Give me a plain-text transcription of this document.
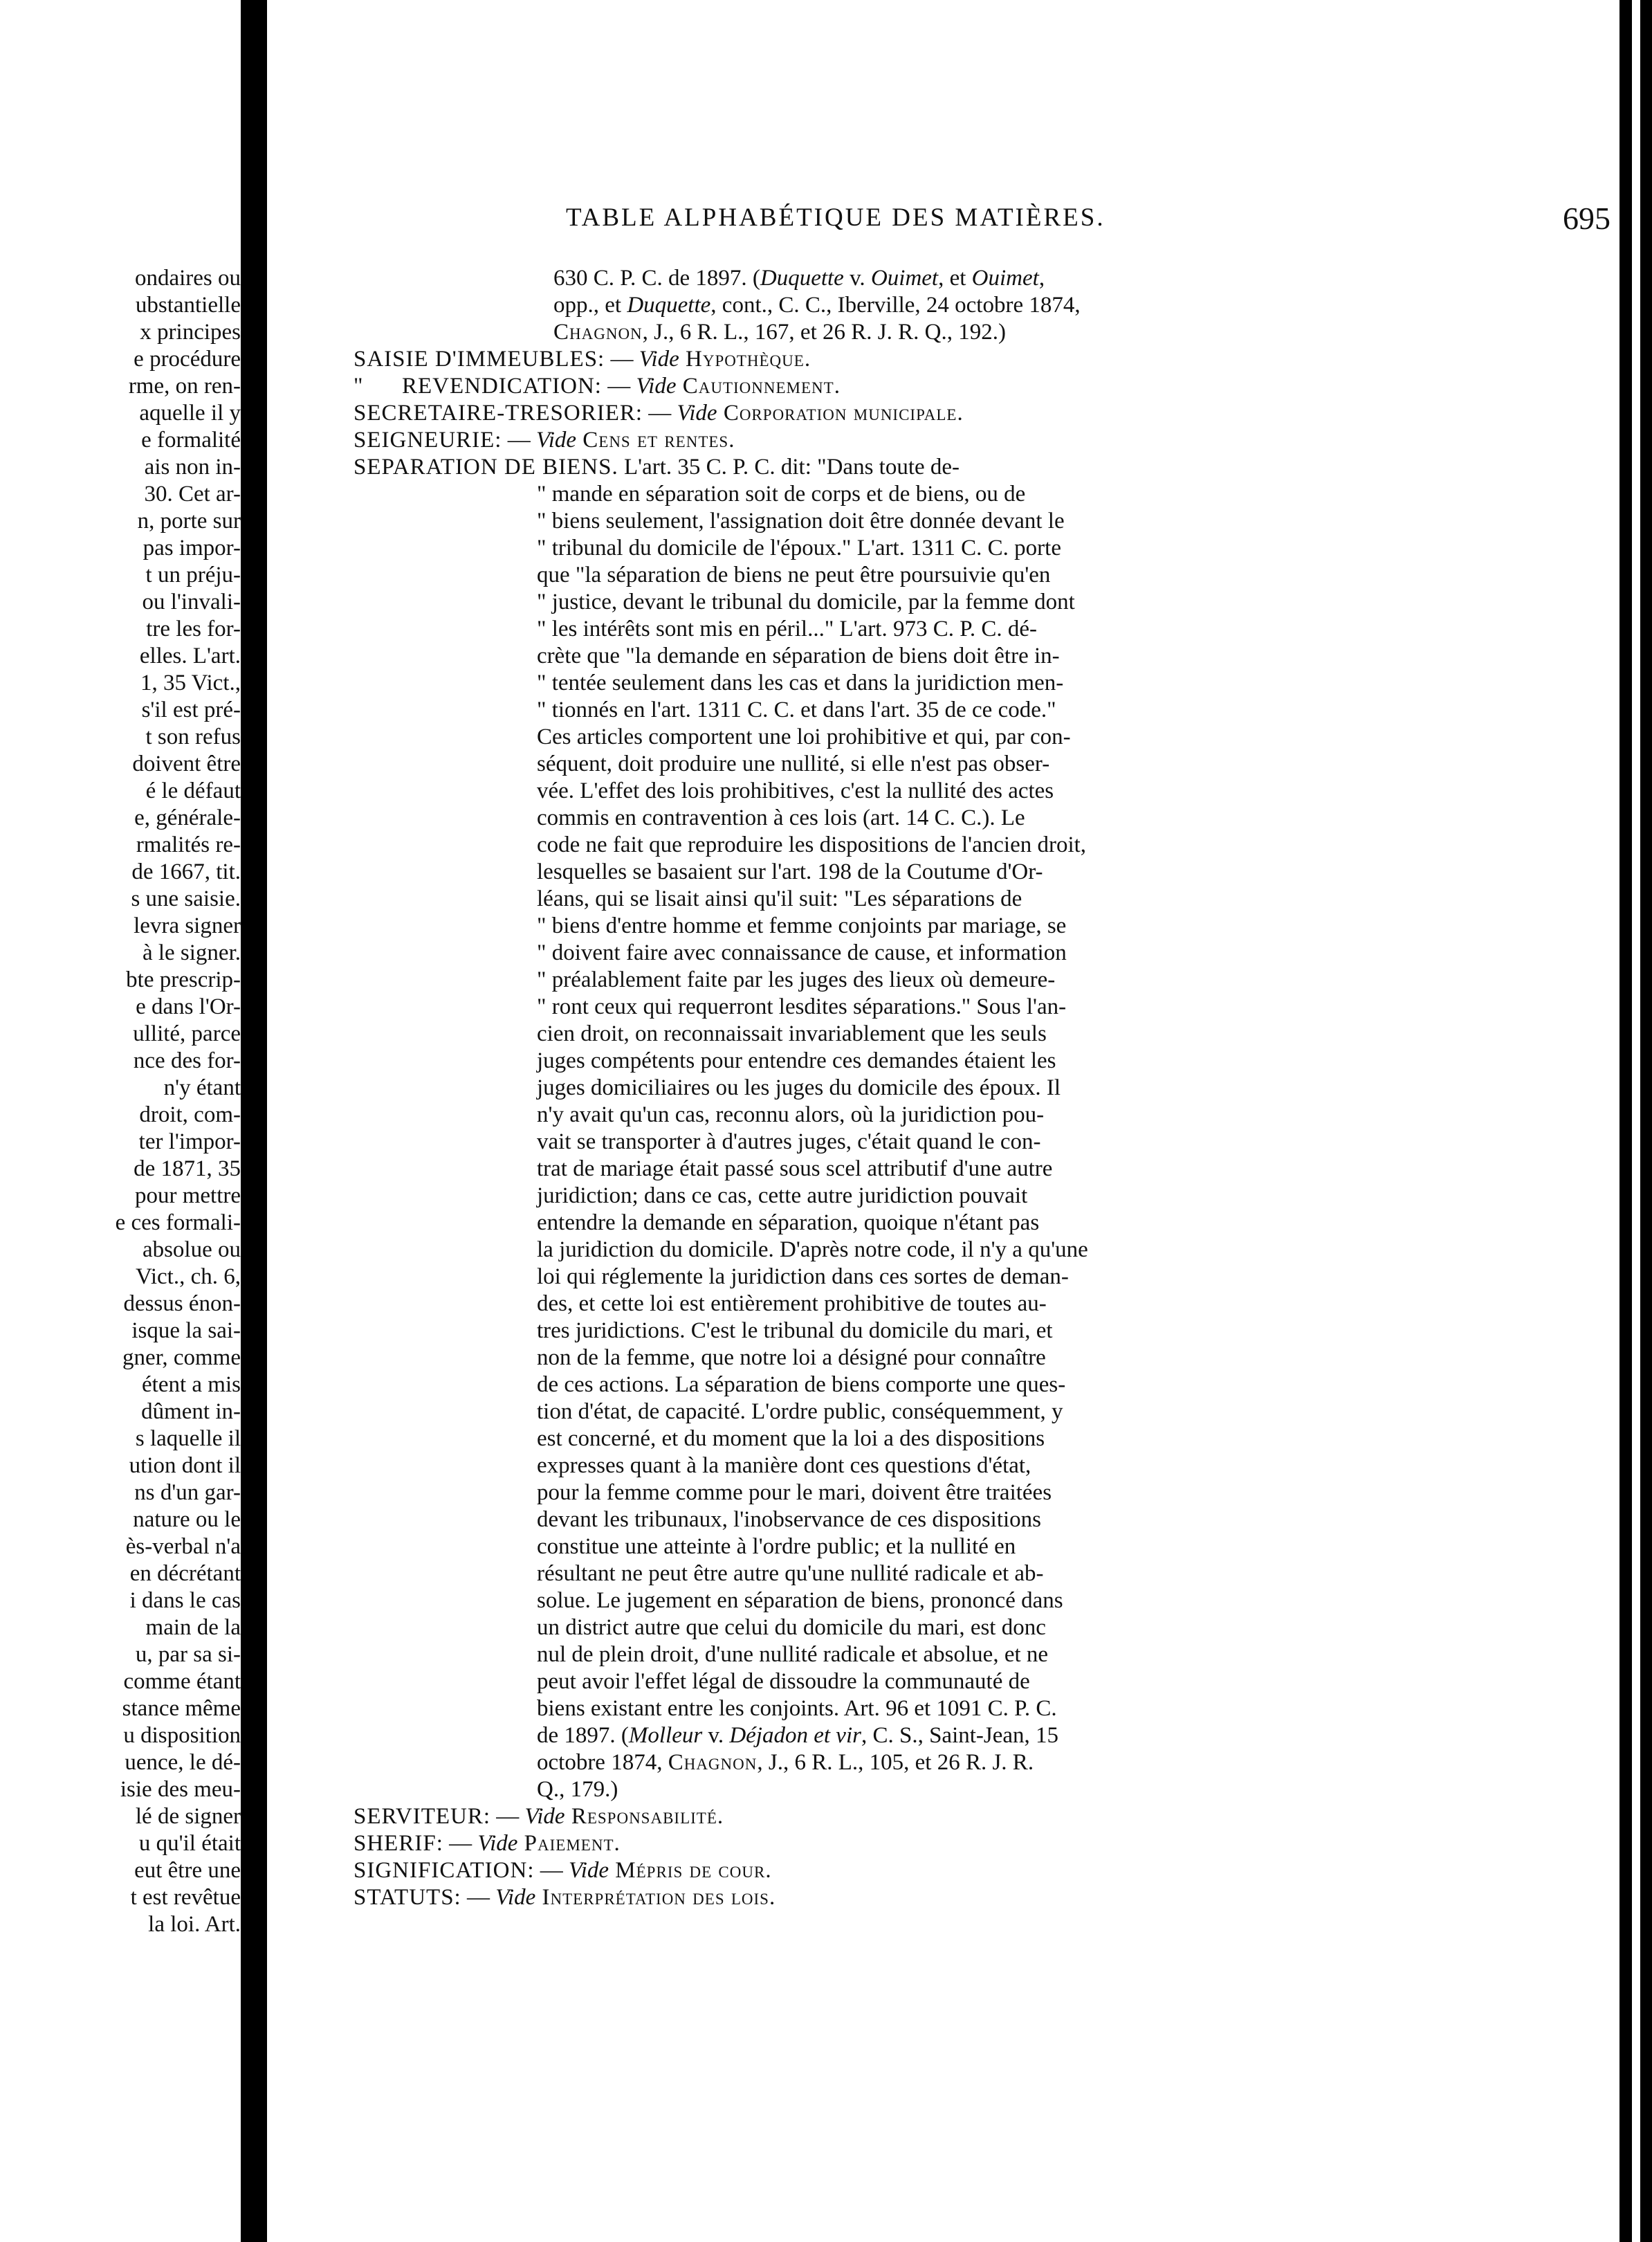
ondaires ou
ubstantielle
x principes
e procédure
rme, on ren-
aquelle il y
e formalité
ais non in-
30. Cet ar-
n, porte sur
pas impor-
t un préju-
ou l'invali-
tre les for-
elles. L'art.
1, 35 Vict.,
s'il est pré-
t son refus
doivent être
é le défaut
e, générale-
rmalités re-
de 1667, tit.
s une saisie.
levra signer
à le signer.
bte prescrip-
e dans l'Or-
ullité, parce
nce des for-
n'y étant
droit, com-
ter l'impor-
de 1871, 35
pour mettre
e ces formali-
absolue ou
Vict., ch. 6,
dessus énon-
isque la sai-
gner, comme
étent a mis
dûment in-
s laquelle il
ution dont il
ns d'un gar-
nature ou le
ès-verbal n'a
en décrétant
i dans le cas
main de la
u, par sa si-
comme étant
stance même
u disposition
uence, le dé-
isie des meu-
lé de signer
u qu'il était
eut être une
t est revêtue
la loi. Art.
TABLE ALPHABÉTIQUE DES MATIÈRES.	695
630 C. P. C. de 1897. (Duquette v. Ouimet, et Ouimet,
opp., et Duquette, cont., C. C., Iberville, 24 octobre 1874,
Chagnon, J., 6 R. L., 167, et 26 R. J. R. Q., 192.)
SAISIE D'IMMEUBLES: — Vide Hypothèque.
"      REVENDICATION: — Vide Cautionnement.
SECRETAIRE-TRESORIER: — Vide Corporation municipale.
SEIGNEURIE: — Vide Cens et rentes.
SEPARATION DE BIENS. L'art. 35 C. P. C. dit: "Dans toute de-
" mande en séparation soit de corps et de biens, ou de
" biens seulement, l'assignation doit être donnée devant le
" tribunal du domicile de l'époux." L'art. 1311 C. C. porte
que "la séparation de biens ne peut être poursuivie qu'en
" justice, devant le tribunal du domicile, par la femme dont
" les intérêts sont mis en péril..." L'art. 973 C. P. C. dé-
crète que "la demande en séparation de biens doit être in-
" tentée seulement dans les cas et dans la juridiction men-
" tionnés en l'art. 1311 C. C. et dans l'art. 35 de ce code."
Ces articles comportent une loi prohibitive et qui, par con-
séquent, doit produire une nullité, si elle n'est pas obser-
vée. L'effet des lois prohibitives, c'est la nullité des actes
commis en contravention à ces lois (art. 14 C. C.). Le
code ne fait que reproduire les dispositions de l'ancien droit,
lesquelles se basaient sur l'art. 198 de la Coutume d'Or-
léans, qui se lisait ainsi qu'il suit: "Les séparations de
" biens d'entre homme et femme conjoints par mariage, se
" doivent faire avec connaissance de cause, et information
" préalablement faite par les juges des lieux où demeure-
" ront ceux qui requerront lesdites séparations." Sous l'an-
cien droit, on reconnaissait invariablement que les seuls
juges compétents pour entendre ces demandes étaient les
juges domiciliaires ou les juges du domicile des époux. Il
n'y avait qu'un cas, reconnu alors, où la juridiction pou-
vait se transporter à d'autres juges, c'était quand le con-
trat de mariage était passé sous scel attributif d'une autre
juridiction; dans ce cas, cette autre juridiction pouvait
entendre la demande en séparation, quoique n'étant pas
la juridiction du domicile. D'après notre code, il n'y a qu'une
loi qui réglemente la juridiction dans ces sortes de deman-
des, et cette loi est entièrement prohibitive de toutes au-
tres juridictions. C'est le tribunal du domicile du mari, et
non de la femme, que notre loi a désigné pour connaître
de ces actions. La séparation de biens comporte une ques-
tion d'état, de capacité. L'ordre public, conséquemment, y
est concerné, et du moment que la loi a des dispositions
expresses quant à la manière dont ces questions d'état,
pour la femme comme pour le mari, doivent être traitées
devant les tribunaux, l'inobservance de ces dispositions
constitue une atteinte à l'ordre public; et la nullité en
résultant ne peut être autre qu'une nullité radicale et ab-
solue. Le jugement en séparation de biens, prononcé dans
un district autre que celui du domicile du mari, est donc
nul de plein droit, d'une nullité radicale et absolue, et ne
peut avoir l'effet légal de dissoudre la communauté de
biens existant entre les conjoints. Art. 96 et 1091 C. P. C.
de 1897. (Molleur v. Déjadon et vir, C. S., Saint-Jean, 15
octobre 1874, Chagnon, J., 6 R. L., 105, et 26 R. J. R.
Q., 179.)
SERVITEUR: — Vide Responsabilité.
SHERIF: — Vide Paiement.
SIGNIFICATION: — Vide Mépris de cour.
STATUTS: — Vide Interprétation des lois.
